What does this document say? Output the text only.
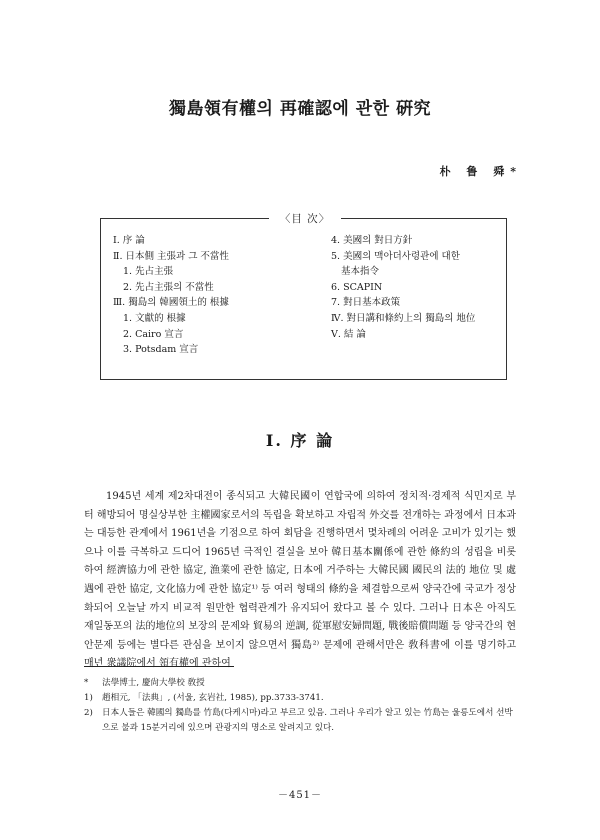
獨島領有權의 再確認에 관한 硏究
朴 鲁 舜*
〈目 次〉
Ⅰ. 序 論
Ⅱ. 日本側 主張과 그 不當性
1. 先占主張
2. 先占主張의 不當性
Ⅲ. 獨島의 韓國領土的 根據
1. 文獻的 根據
2. Cairo 宣言
3. Potsdam 宣言
4. 美國의 對日方針
5. 美國의 맥아더사령관에 대한
基本指令
6. SCAPIN
7. 對日基本政策
Ⅳ. 對日講和條約上의 獨島의 地位
Ⅴ. 結 論
Ⅰ. 序 論
1945년 세계 제2차대전이 종식되고 大韓民國이 연합국에 의하여 정치적·경제적 식민지로 부터 해방되어 명실상부한 主權國家로서의 독립을 확보하고 자립적 外交를 전개하는 과정에서 日本과는 대등한 관계에서 1961년을 기점으로 하여 회담을 진행하면서 몇차례의 어려운 고비가 있기는 했으나 이를 극복하고 드디어 1965년 극적인 결실을 보아 韓日基本關係에 관한 條約의 성립을 비롯하여 經濟協力에 관한 協定, 漁業에 관한 協定, 日本에 거주하는 大韓民國 國民의 法的 地位 및 處遇에 관한 協定, 文化協力에 관한 協定¹⁾ 등 여러 형태의 條約을 체결함으로써 양국간에 국교가 정상화되어 오늘날 까지 비교적 원만한 협력관계가 유지되어 왔다고 볼 수 있다. 그러나 日本은 아직도 재일동포의 法的地位의 보장의 문제와 貿易의 逆調, 從軍慰安婦問題, 戰後賠償問題 등 양국간의 현안문제 등에는 별다른 관심을 보이지 않으면서 獨島²⁾ 문제에 관해서만은 敎科書에 이를 명기하고 매년 衆議院에서 領有權에 관하여
*	法學博士, 慶尙大學校 敎授
1)	趙相元, 「法典」, (서울, 玄岩社, 1985), pp.3733-3741.
2)	日本人들은 韓國의 獨島를 竹島(다케시마)라고 부르고 있음. 그러나 우리가 알고 있는 竹島는 울릉도에서 선박으로 불과 15분거리에 있으며 관광지의 명소로 알려지고 있다.
－451－
